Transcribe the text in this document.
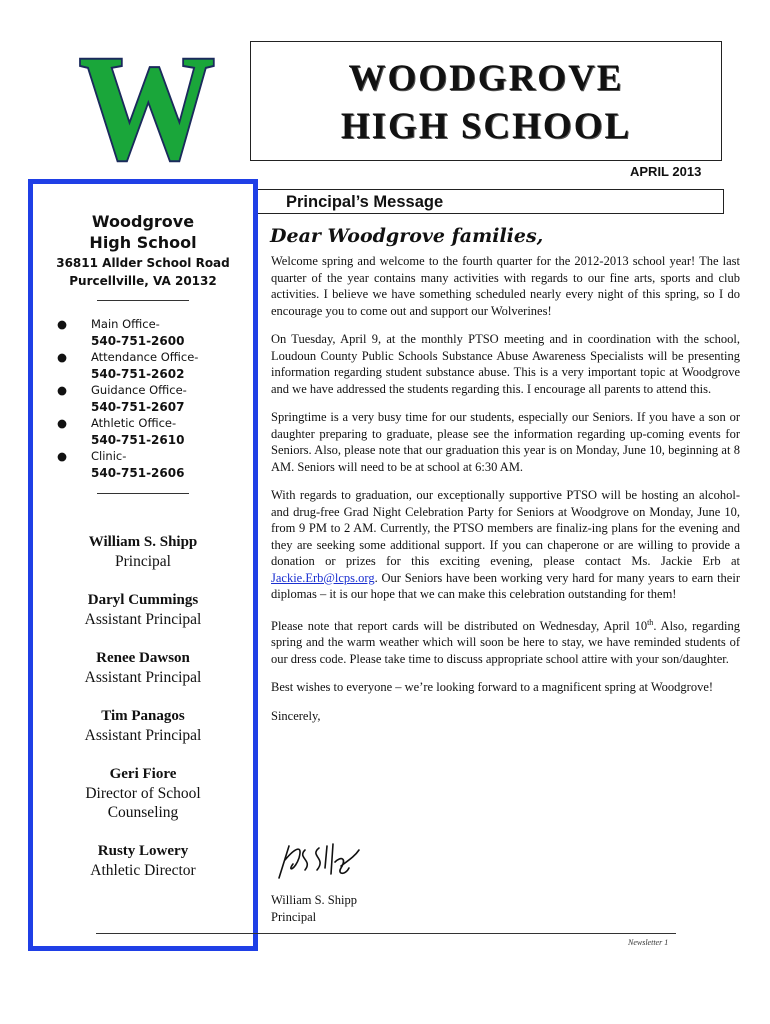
W	WOODGROVE
HIGH SCHOOL
APRIL 2013
Woodgrove
High School
36811 Allder School Road
Purcellville, VA 20132
● Main Office-
540-751-2600
● Attendance Office-
540-751-2602
● Guidance Office-
540-751-2607
● Athletic Office-
540-751-2610
● Clinic-
540-751-2606
William S. Shipp
Principal
Daryl Cummings
Assistant Principal
Renee Dawson
Assistant Principal
Tim Panagos
Assistant Principal
Geri Fiore
Director of School Counseling
Rusty Lowery
Athletic Director
Principal’s Message
Dear Woodgrove families,

Welcome spring and welcome to the fourth quarter for the 2012-2013 school year! The last quarter of the year contains many activities with regards to our fine arts, sports and club activities. I believe we have something scheduled nearly every night of this spring, so I do encourage you to come out and support our Wolverines!

On Tuesday, April 9, at the monthly PTSO meeting and in coordination with the school, Loudoun County Public Schools Substance Abuse Awareness Specialists will be presenting information regarding student substance abuse. This is a very important topic at Woodgrove and we have addressed the students regarding this. I encourage all parents to attend this.

Springtime is a very busy time for our students, especially our Seniors. If you have a son or daughter preparing to graduate, please see the information regarding up-coming events for Seniors. Also, please note that our graduation this year is on Monday, June 10, beginning at 8 AM. Seniors will need to be at school at 6:30 AM.

With regards to graduation, our exceptionally supportive PTSO will be hosting an alcohol- and drug-free Grad Night Celebration Party for Seniors at Woodgrove on Monday, June 10, from 9 PM to 2 AM. Currently, the PTSO members are finaliz-ing plans for the evening and they are seeking some additional support. If you can chaperone or are willing to provide a donation or prizes for this exciting evening, please contact Ms. Jackie Erb at Jackie.Erb@lcps.org. Our Seniors have been working very hard for many years to earn their diplomas – it is our hope that we can make this celebration outstanding for them!

Please note that report cards will be distributed on Wednesday, April 10th. Also, regarding spring and the warm weather which will soon be here to stay, we have reminded students of our dress code. Please take time to discuss appropriate school attire with your son/daughter.

Best wishes to everyone – we’re looking forward to a magnificent spring at Woodgrove!

Sincerely,

William S. Shipp
Principal
Newsletter 1
